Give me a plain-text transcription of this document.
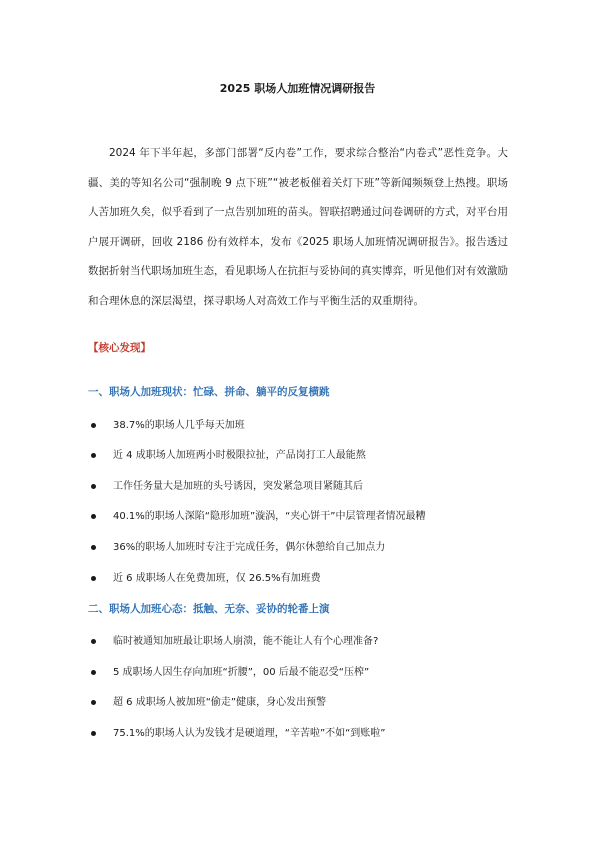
2025 职场人加班情况调研报告

2024 年下半年起，多部门部署“反内卷”工作，要求综合整治“内卷式”恶性竞争。大疆、美的等知名公司“强制晚 9 点下班”“被老板催着关灯下班”等新闻频频登上热搜。职场人苦加班久矣，似乎看到了一点告别加班的苗头。智联招聘通过问卷调研的方式，对平台用户展开调研，回收 2186 份有效样本，发布《2025 职场人加班情况调研报告》。报告透过数据折射当代职场加班生态，看见职场人在抗拒与妥协间的真实博弈，听见他们对有效激励和合理休息的深层渴望，探寻职场人对高效工作与平衡生活的双重期待。

【核心发现】
一、职场人加班现状：忙碌、拼命、躺平的反复横跳
38.7%的职场人几乎每天加班
近 4 成职场人加班两小时极限拉扯，产品岗打工人最能熬
工作任务量大是加班的头号诱因，突发紧急项目紧随其后
40.1%的职场人深陷“隐形加班”漩涡，“夹心饼干”中层管理者情况最糟
36%的职场人加班时专注于完成任务，偶尔休憩给自己加点力
近 6 成职场人在免费加班，仅 26.5%有加班费
二、职场人加班心态：抵触、无奈、妥协的轮番上演
临时被通知加班最让职场人崩溃，能不能让人有个心理准备?
5 成职场人因生存向加班“折腰”，00 后最不能忍受“压榨”
超 6 成职场人被加班“偷走”健康，身心发出预警
75.1%的职场人认为发钱才是硬道理，“辛苦啦”不如“到账啦”
